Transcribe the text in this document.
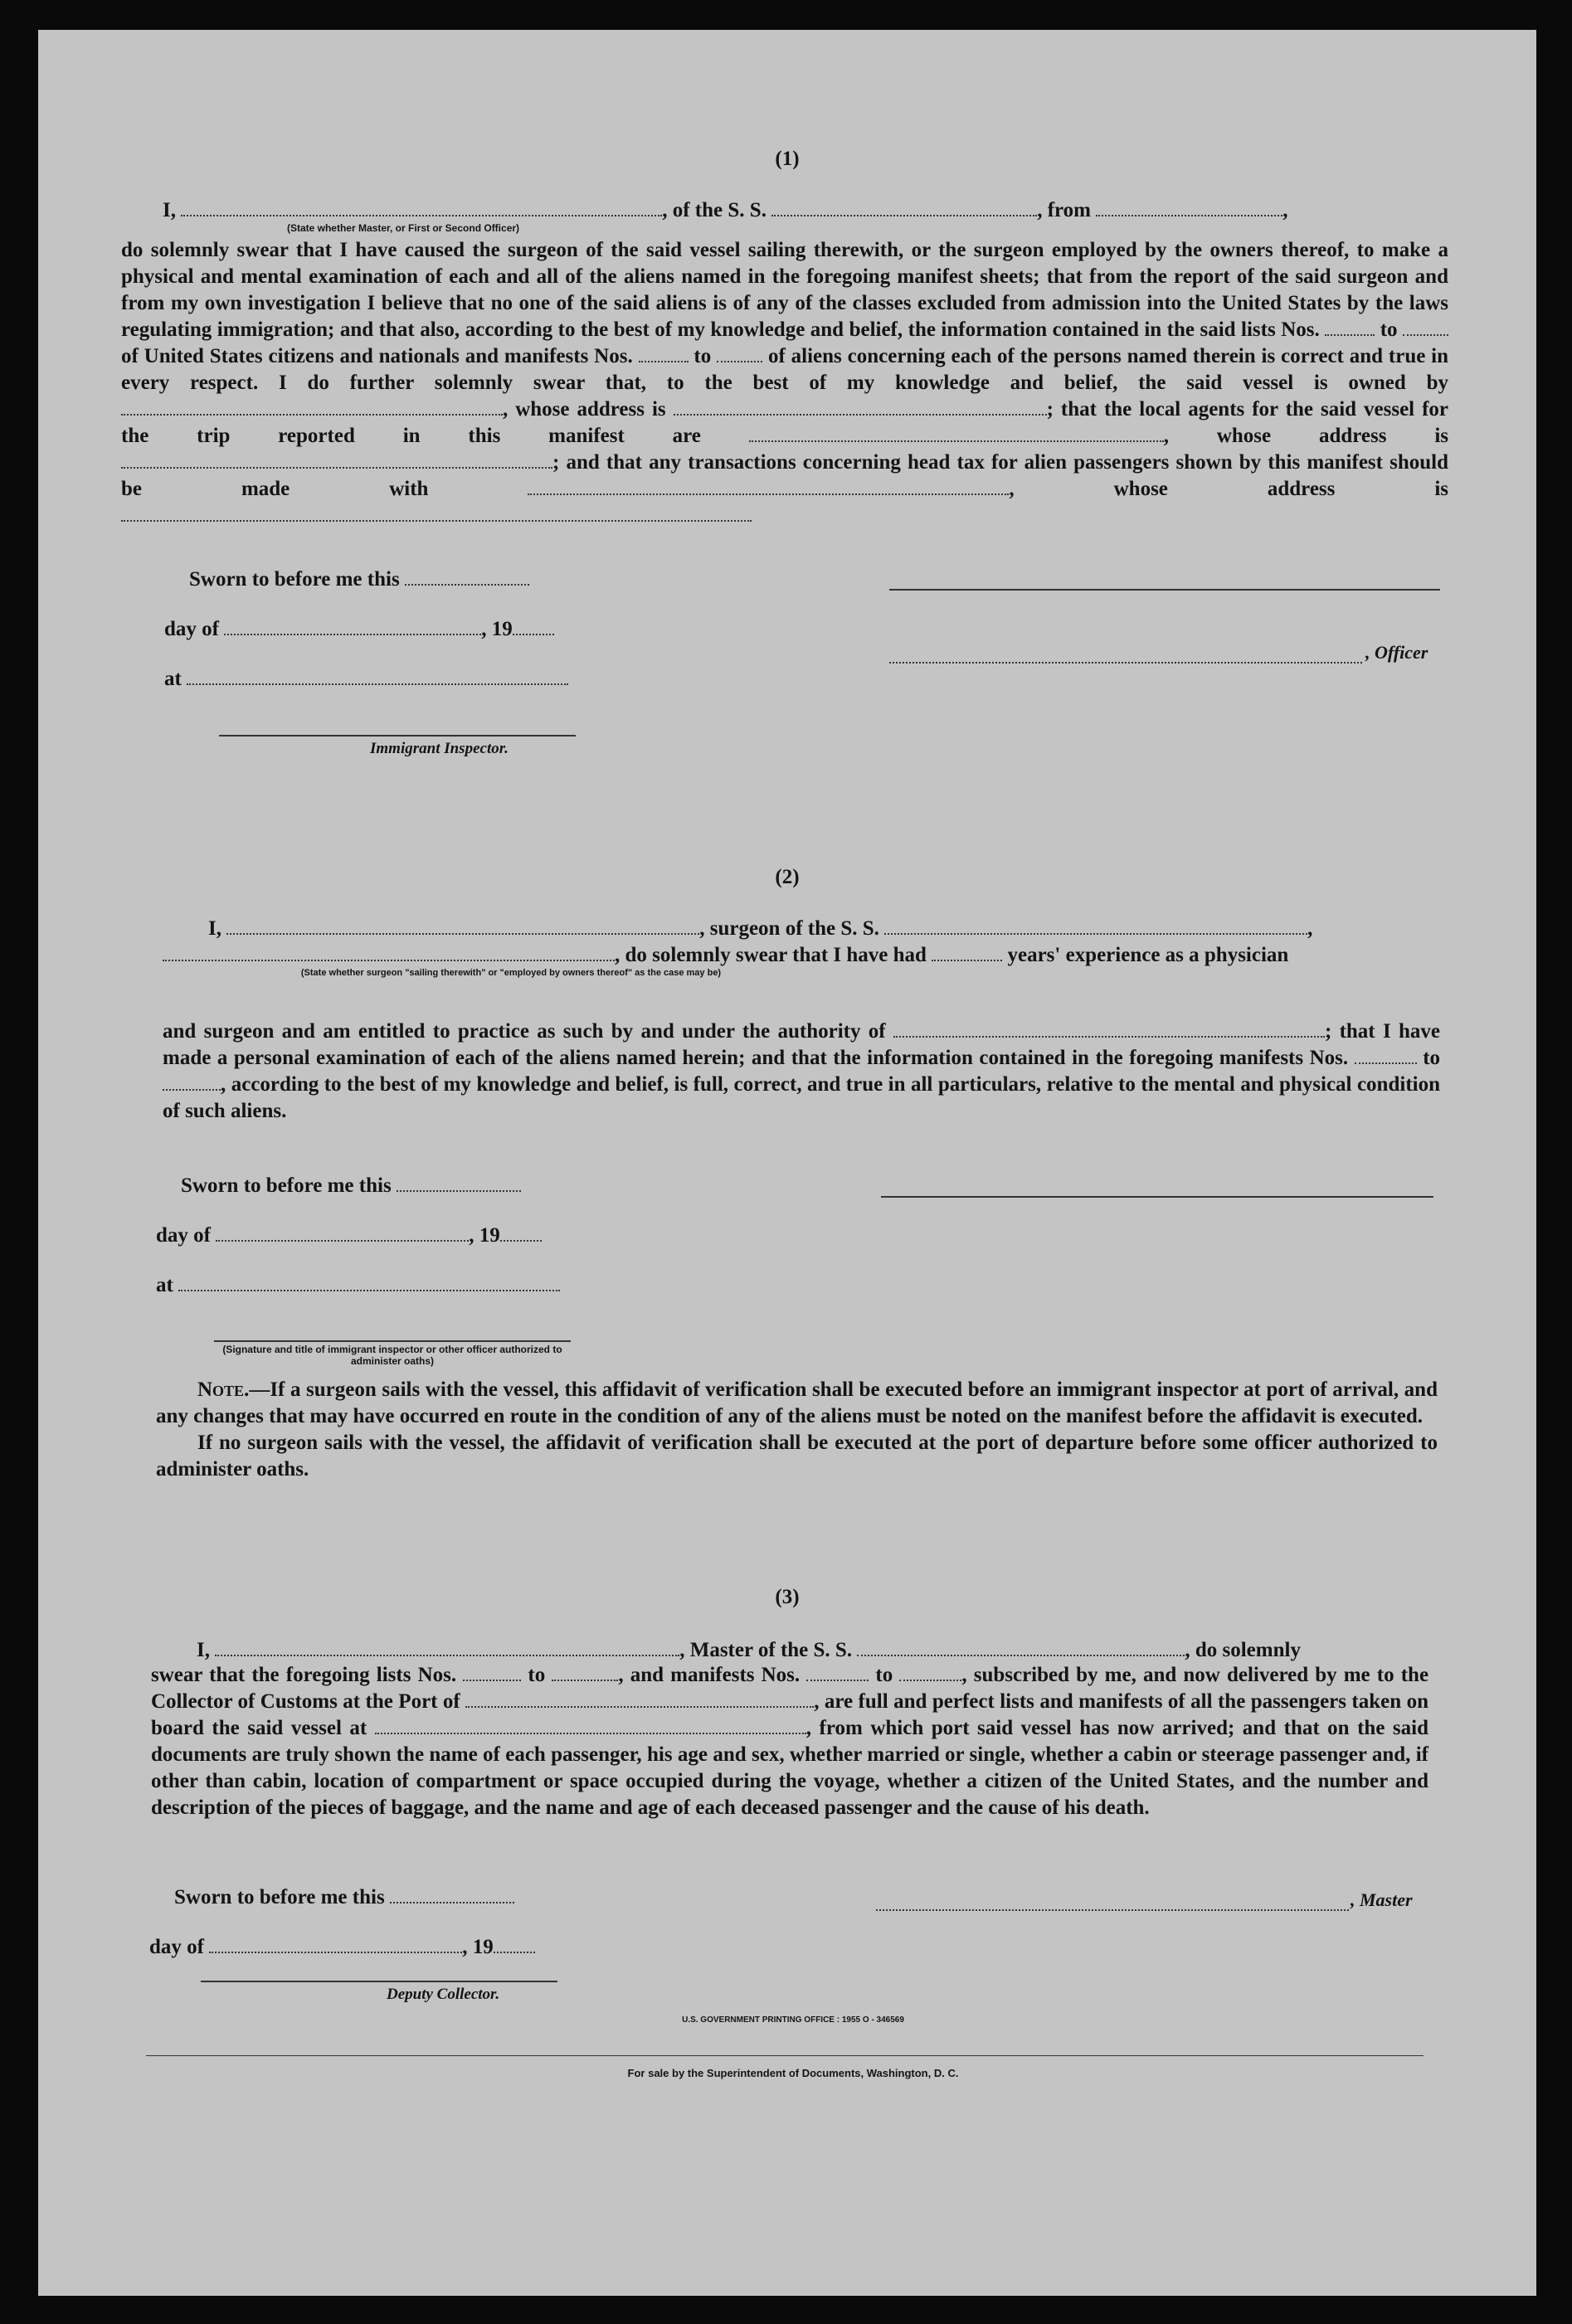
(1)
I,	, of the S. S.	, from	,
(State whether Master, or First or Second Officer)

do solemnly swear that I have caused the surgeon of the said vessel sailing therewith, or the surgeon employed by the owners thereof, to make a physical and mental examination of each and all of the aliens named in the foregoing manifest sheets; that from the report of the said surgeon and from my own investigation I believe that no one of the said aliens is of any of the classes excluded from admission into the United States by the laws regulating immigration; and that also, according to the best of my knowledge and belief, the information contained in the said lists Nos.	to  of United States citizens and nationals and manifests Nos.	to	of aliens concerning each of the persons named therein is correct and true in every respect. I do further solemnly swear that, to the best of my knowledge and belief, the said vessel is owned by , whose address is	; that the local agents for the said vessel for the trip reported in this manifest are	, whose address is ; and that any transactions concerning head tax for alien passengers shown by this manifest should be made with	, whose address is

Sworn to before me this
day of	, 19
at
Immigrant Inspector.
, Officer
(2)
I,	, surgeon of the S. S.	,
, do solemnly swear that I have had	years' experience as a physician
(State whether surgeon "sailing therewith" or "employed by owners thereof" as the case may be)

and surgeon and am entitled to practice as such by and under the authority of	; that I have made a personal examination of each of the aliens named herein; and that the information contained in the foregoing manifests Nos.	to , according to the best of my knowledge and belief, is full, correct, and true in all particulars, relative to the mental and physical condition of such aliens.

Sworn to before me this
day of	, 19
at
(Signature and title of immigrant inspector or other officer authorized to administer oaths)

Note.—If a surgeon sails with the vessel, this affidavit of verification shall be executed before an immigrant inspector at port of arrival, and any changes that may have occurred en route in the condition of any of the aliens must be noted on the manifest before the affidavit is executed.

If no surgeon sails with the vessel, the affidavit of verification shall be executed at the port of departure before some officer authorized to administer oaths.

(3)
I,	, Master of the S. S.	, do solemnly

swear that the foregoing lists Nos.	to	, and manifests Nos.	to	, subscribed by me, and now delivered by me to the Collector of Customs at the Port of	, are full and perfect lists and manifests of all the passengers taken on board the said vessel at	, from which port said vessel has now arrived; and that on the said documents are truly shown the name of each passenger, his age and sex, whether married or single, whether a cabin or steerage passenger and, if other than cabin, location of compartment or space occupied during the voyage, whether a citizen of the United States, and the number and description of the pieces of baggage, and the name and age of each deceased passenger and the cause of his death.

Sworn to before me this
day of	, 19
, Master
Deputy Collector.
U.S. GOVERNMENT PRINTING OFFICE : 1955 O - 346569
For sale by the Superintendent of Documents, Washington, D. C.
